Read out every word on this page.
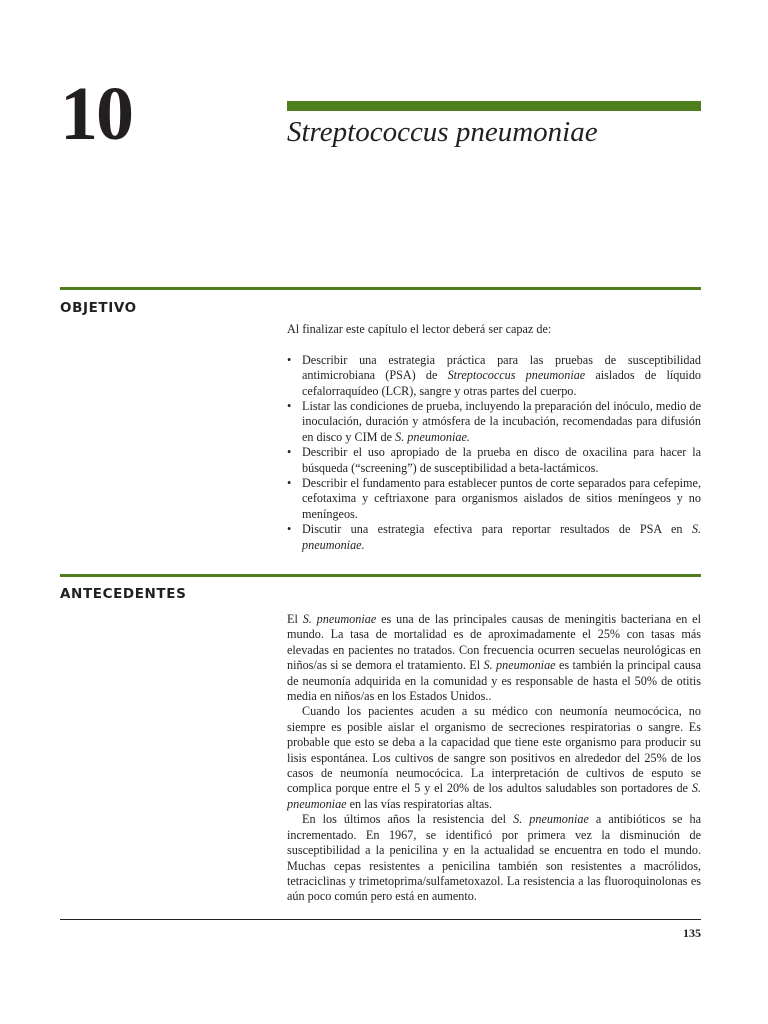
10	Streptococcus pneumoniae
OBJETIVO

Al finalizar este capítulo el lector deberá ser capaz de:

• Describir una estrategia práctica para las pruebas de susceptibilidad antimicrobiana (PSA) de Streptococcus pneumoniae aislados de líquido cefalorraquídeo (LCR), sangre y otras partes del cuerpo.
• Listar las condiciones de prueba, incluyendo la preparación del inóculo, medio de inoculación, duración y atmósfera de la incubación, recomendadas para difusión en disco y CIM de S. pneumoniae.
• Describir el uso apropiado de la prueba en disco de oxacilina para hacer la búsqueda (“screening”) de susceptibilidad a beta-lactámicos.
• Describir el fundamento para establecer puntos de corte separados para cefepime, cefotaxima y ceftriaxone para organismos aislados de sitios meníngeos y no meníngeos.
• Discutir una estrategia efectiva para reportar resultados de PSA en S. pneumoniae.
ANTECEDENTES

El S. pneumoniae es una de las principales causas de meningitis bacteriana en el mundo. La tasa de mortalidad es de aproximadamente el 25% con tasas más elevadas en pacientes no tratados. Con frecuencia ocurren secuelas neurológicas en niños/as si se demora el tratamiento. El S. pneumoniae es también la principal causa de neumonía adquirida en la comunidad y es responsable de hasta el 50% de otitis media en niños/as en los Estados Unidos..

Cuando los pacientes acuden a su médico con neumonía neumocócica, no siempre es posible aislar el organismo de secreciones respiratorias o sangre. Es probable que esto se deba a la capacidad que tiene este organismo para producir su lisis espontánea. Los cultivos de sangre son positivos en alrededor del 25% de los casos de neumonía neumocócica. La interpretación de cultivos de esputo se complica porque entre el 5 y el 20% de los adultos saludables son portadores de S. pneumoniae en las vías respiratorias altas.

En los últimos años la resistencia del S. pneumoniae a antibióticos se ha incrementado. En 1967, se identificó por primera vez la disminución de susceptibilidad a la penicilina y en la actualidad se encuentra en todo el mundo. Muchas cepas resistentes a penicilina también son resistentes a macrólidos, tetraciclinas y trimetoprima/sulfametoxazol. La resistencia a las fluoroquinolonas es aún poco común pero está en aumento.

135
